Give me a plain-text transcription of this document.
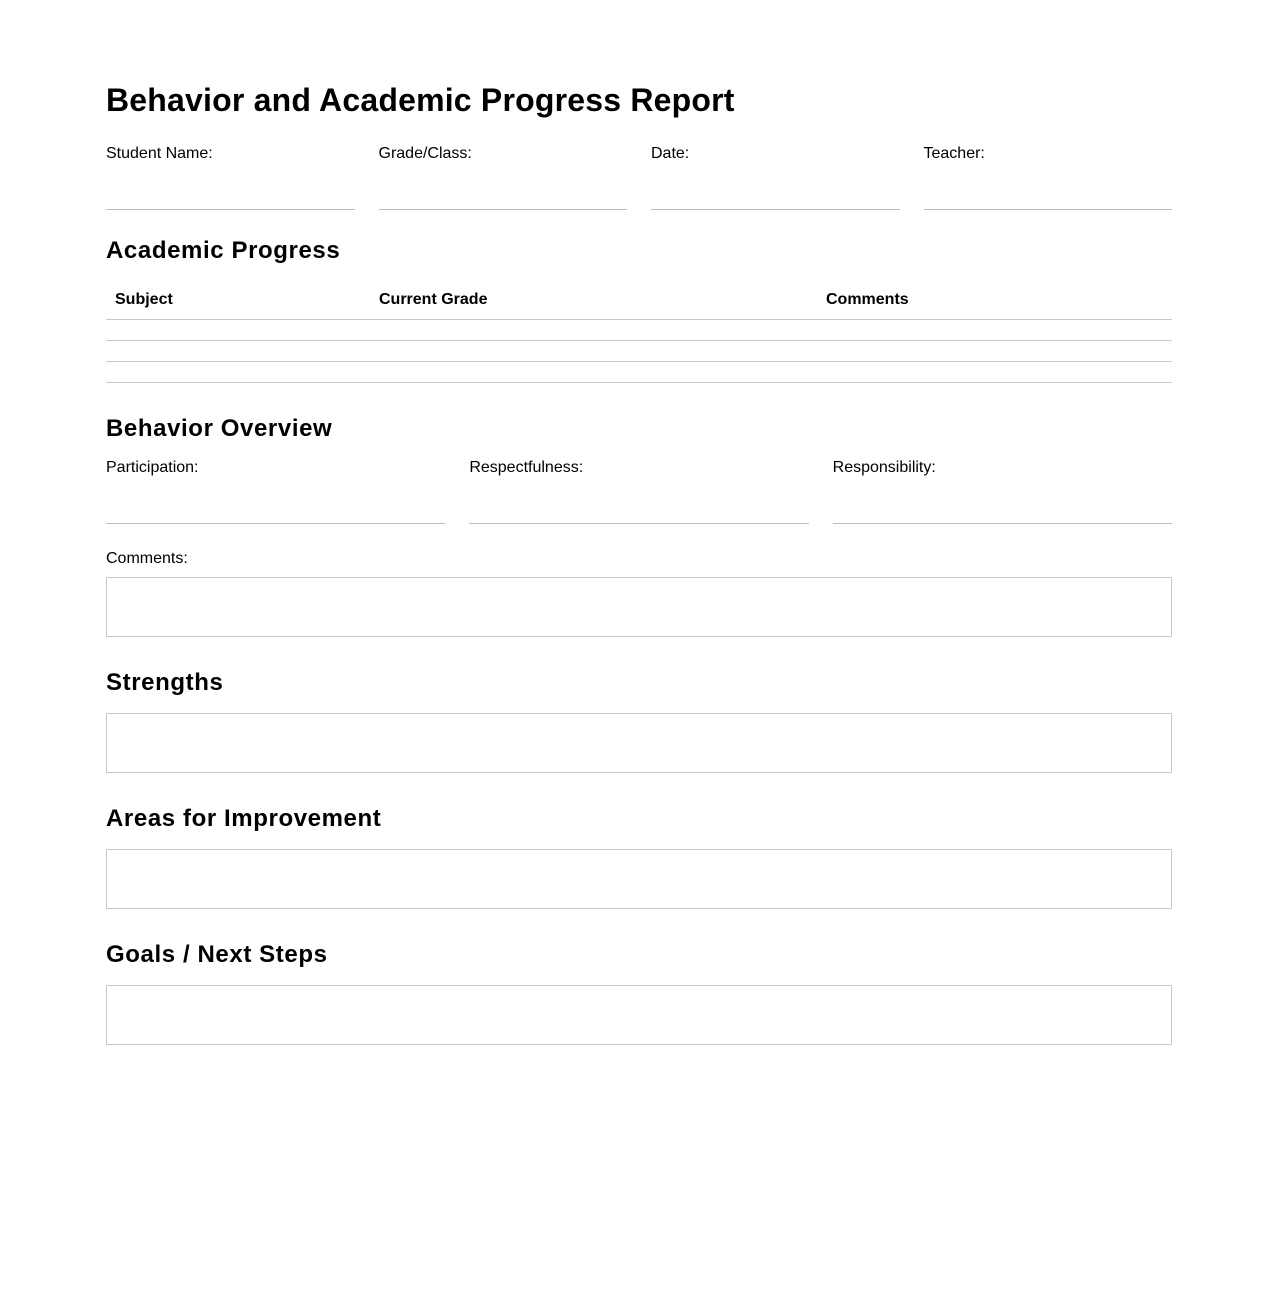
Behavior and Academic Progress Report
Student Name:	Grade/Class:	Date:	Teacher:
Academic Progress
Subject	Current Grade	Comments

Behavior Overview
Participation:	Respectfulness:	Responsibility:
Comments:
Strengths
Areas for Improvement
Goals / Next Steps
